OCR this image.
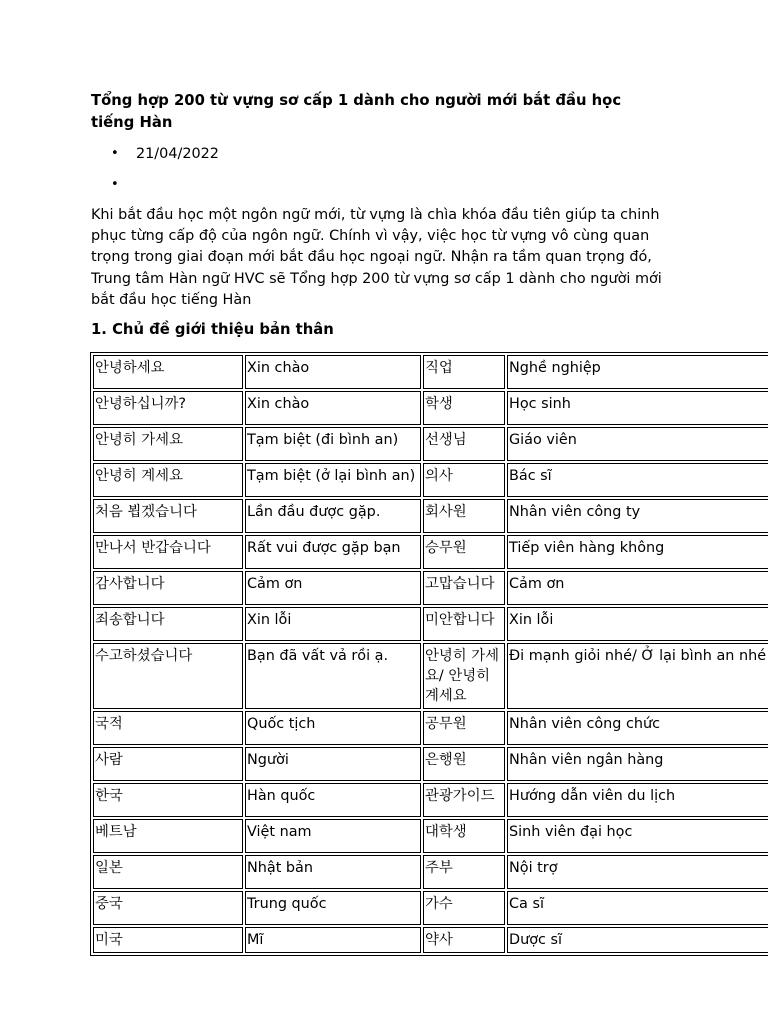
Tổng hợp 200 từ vựng sơ cấp 1 dành cho người mới bắt đầu học tiếng Hàn
• 21/04/2022
•

Khi bắt đầu học một ngôn ngữ mới, từ vựng là chìa khóa đầu tiên giúp ta chinh phục từng cấp độ của ngôn ngữ. Chính vì vậy, việc học từ vựng vô cùng quan trọng trong giai đoạn mới bắt đầu học ngoại ngữ. Nhận ra tầm quan trọng đó, Trung tâm Hàn ngữ HVC sẽ Tổng hợp 200 từ vựng sơ cấp 1 dành cho người mới bắt đầu học tiếng Hàn

1. Chủ đề giới thiệu bản thân
안녕하세요	Xin chào	직업	Nghề nghiệp
안녕하십니까?	Xin chào	학생	Học sinh
안녕히 가세요	Tạm biệt (đi bình an)	선생님	Giáo viên
안녕히 계세요	Tạm biệt (ở lại bình an)	의사	Bác sĩ
처음 뵙겠습니다	Lần đầu được gặp.	회사원	Nhân viên công ty
만나서 반갑습니다	Rất vui được gặp bạn	승무원	Tiếp viên hàng không
감사합니다	Cảm ơn	고맙습니다	Cảm ơn
죄송합니다	Xin lỗi	미안합니다	Xin lỗi
수고하셨습니다	Bạn đã vất vả rồi ạ.	안녕히 가세요/ 안녕히 계세요	Đi mạnh giỏi nhé/ Ở lại bình an nhé
국적	Quốc tịch	공무원	Nhân viên công chức
사람	Người	은행원	Nhân viên ngân hàng
한국	Hàn quốc	관광가이드	Hướng dẫn viên du lịch
베트남	Việt nam	대학생	Sinh viên đại học
일본	Nhật bản	주부	Nội trợ
중국	Trung quốc	가수	Ca sĩ
미국	Mĩ	약사	Dược sĩ
